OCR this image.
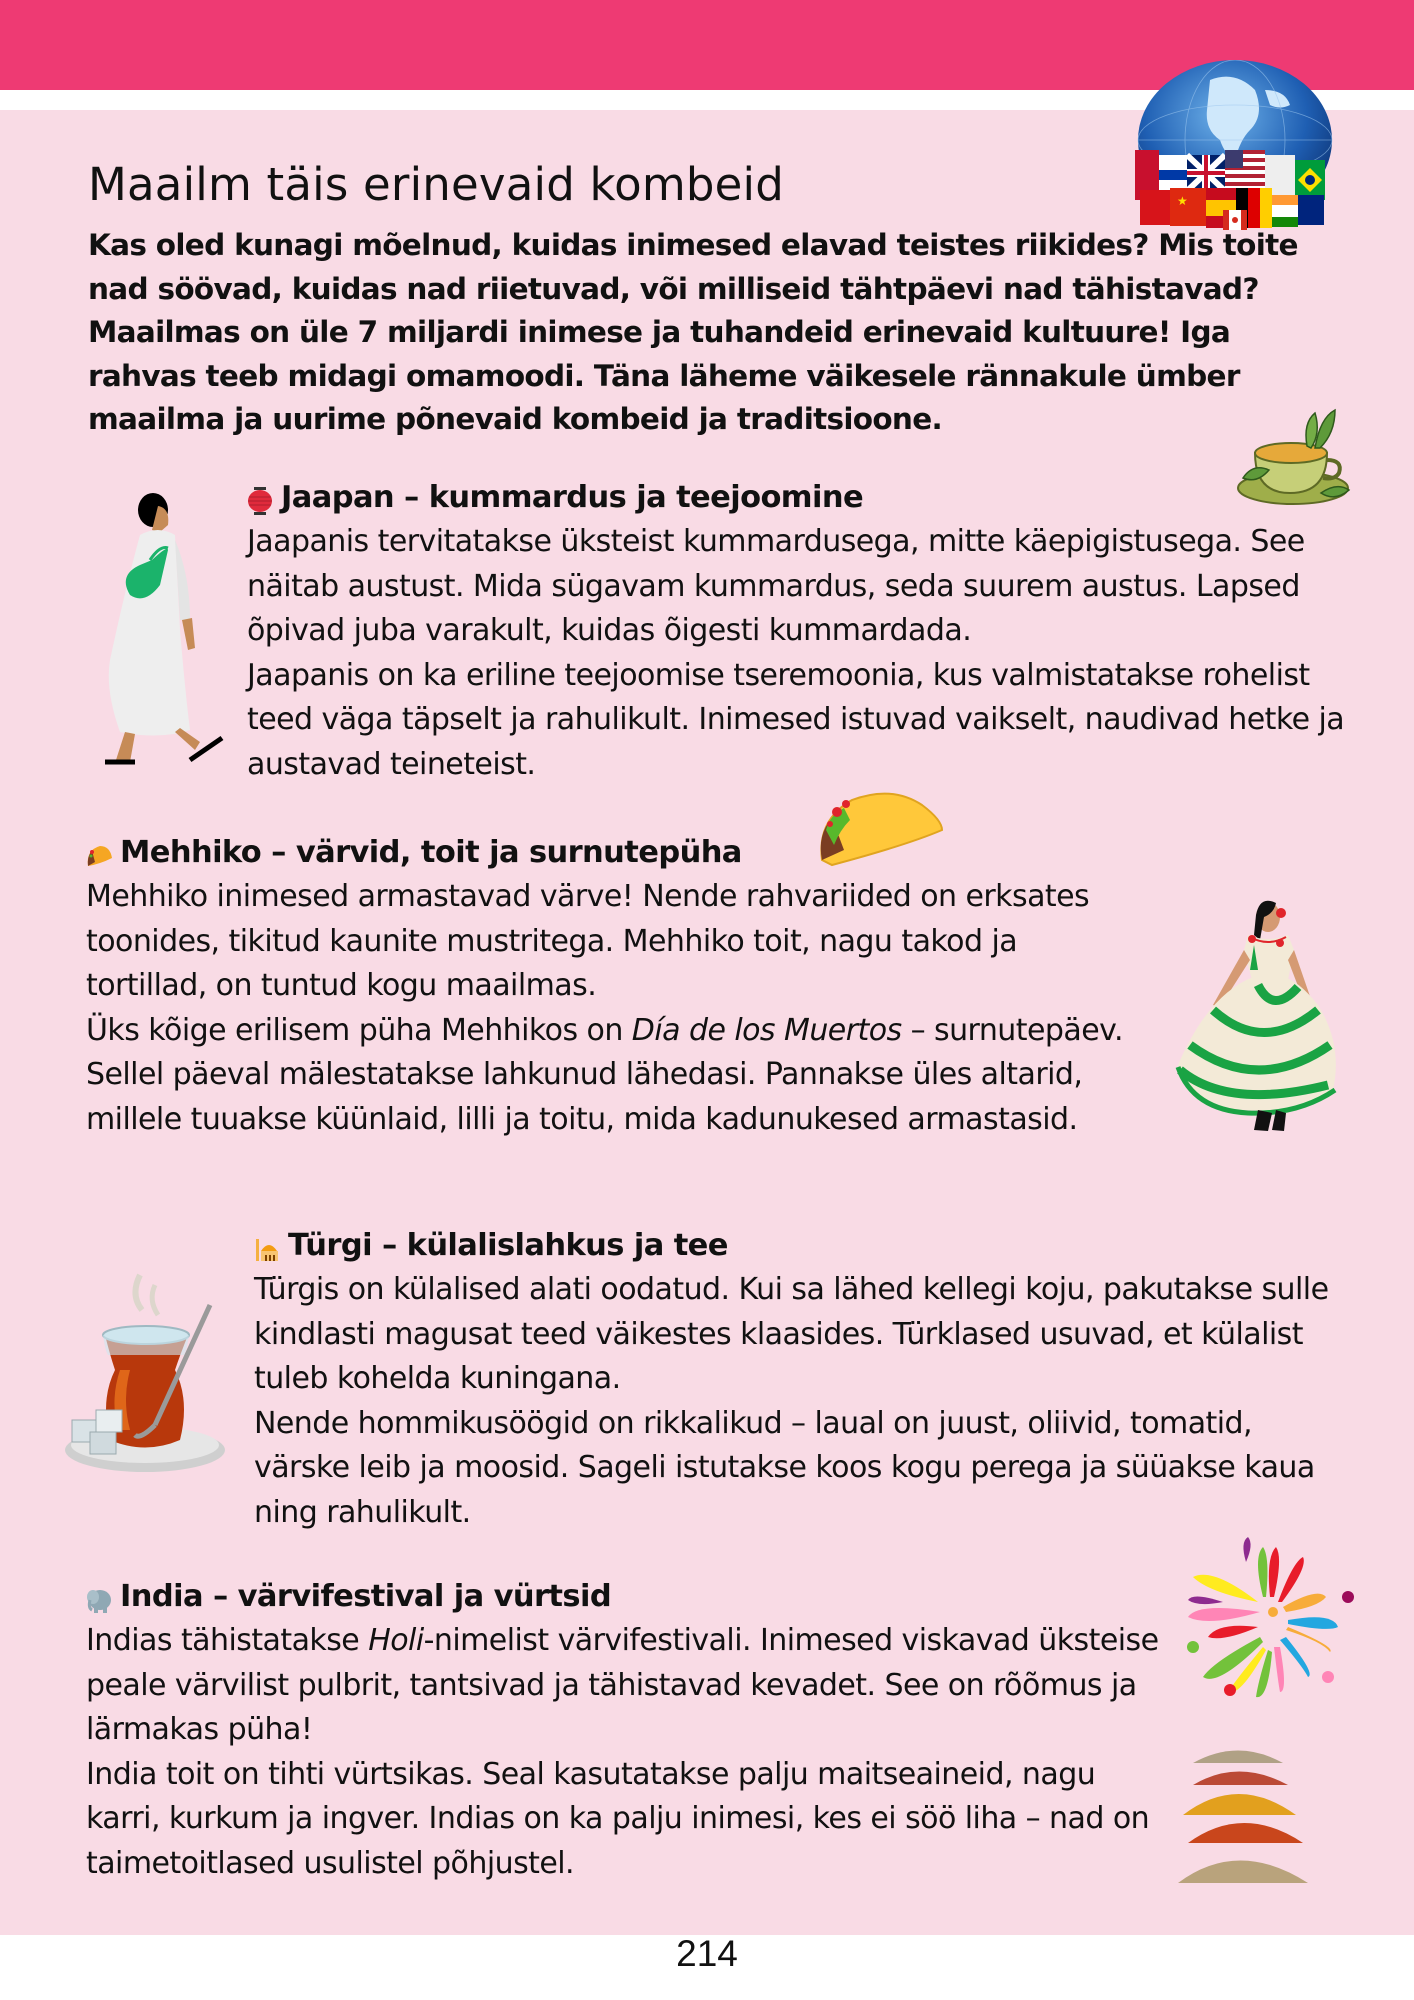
★
Maailm täis erinevaid kombeid

Kas oled kunagi mõelnud, kuidas inimesed elavad teistes riikides? Mis toite nad söövad, kuidas nad riietuvad, või milliseid tähtpäevi nad tähistavad? Maailmas on üle 7 miljardi inimese ja tuhandeid erinevaid kultuure! Iga rahvas teeb midagi omamoodi. Täna läheme väikesele rännakule ümber maailma ja uurime põnevaid kombeid ja traditsioone.

Jaapan – kummardus ja teejoomine

Jaapanis tervitatakse üksteist kummardusega, mitte käepigistusega. See näitab austust. Mida sügavam kummardus, seda suurem austus. Lapsed õpivad juba varakult, kuidas õigesti kummardada.

Jaapanis on ka eriline teejoomise tseremoonia, kus valmistatakse rohelist teed väga täpselt ja rahulikult. Inimesed istuvad vaikselt, naudivad hetke ja austavad teineteist.

Mehhiko – värvid, toit ja surnutepüha

Mehhiko inimesed armastavad värve! Nende rahvariided on erksates toonides, tikitud kaunite mustritega. Mehhiko toit, nagu takod ja tortillad, on tuntud kogu maailmas.

Üks kõige erilisem püha Mehhikos on Día de los Muertos – surnutepäev. Sellel päeval mälestatakse lahkunud lähedasi. Pannakse üles altarid, millele tuuakse küünlaid, lilli ja toitu, mida kadunukesed armastasid.

Türgi – külalislahkus ja tee

Türgis on külalised alati oodatud. Kui sa lähed kellegi koju, pakutakse sulle kindlasti magusat teed väikestes klaasides. Türklased usuvad, et külalist tuleb kohelda kuningana.

Nende hommikusöögid on rikkalikud – laual on juust, oliivid, tomatid, värske leib ja moosid. Sageli istutakse koos kogu perega ja süüakse kaua ning rahulikult.

India – värvifestival ja vürtsid

Indias tähistatakse Holi-nimelist värvifestivali. Inimesed viskavad üksteise peale värvilist pulbrit, tantsivad ja tähistavad kevadet. See on rõõmus ja lärmakas püha!

India toit on tihti vürtsikas. Seal kasutatakse palju maitseaineid, nagu karri, kurkum ja ingver. Indias on ka palju inimesi, kes ei söö liha – nad on taimetoitlased usulistel põhjustel.

214
